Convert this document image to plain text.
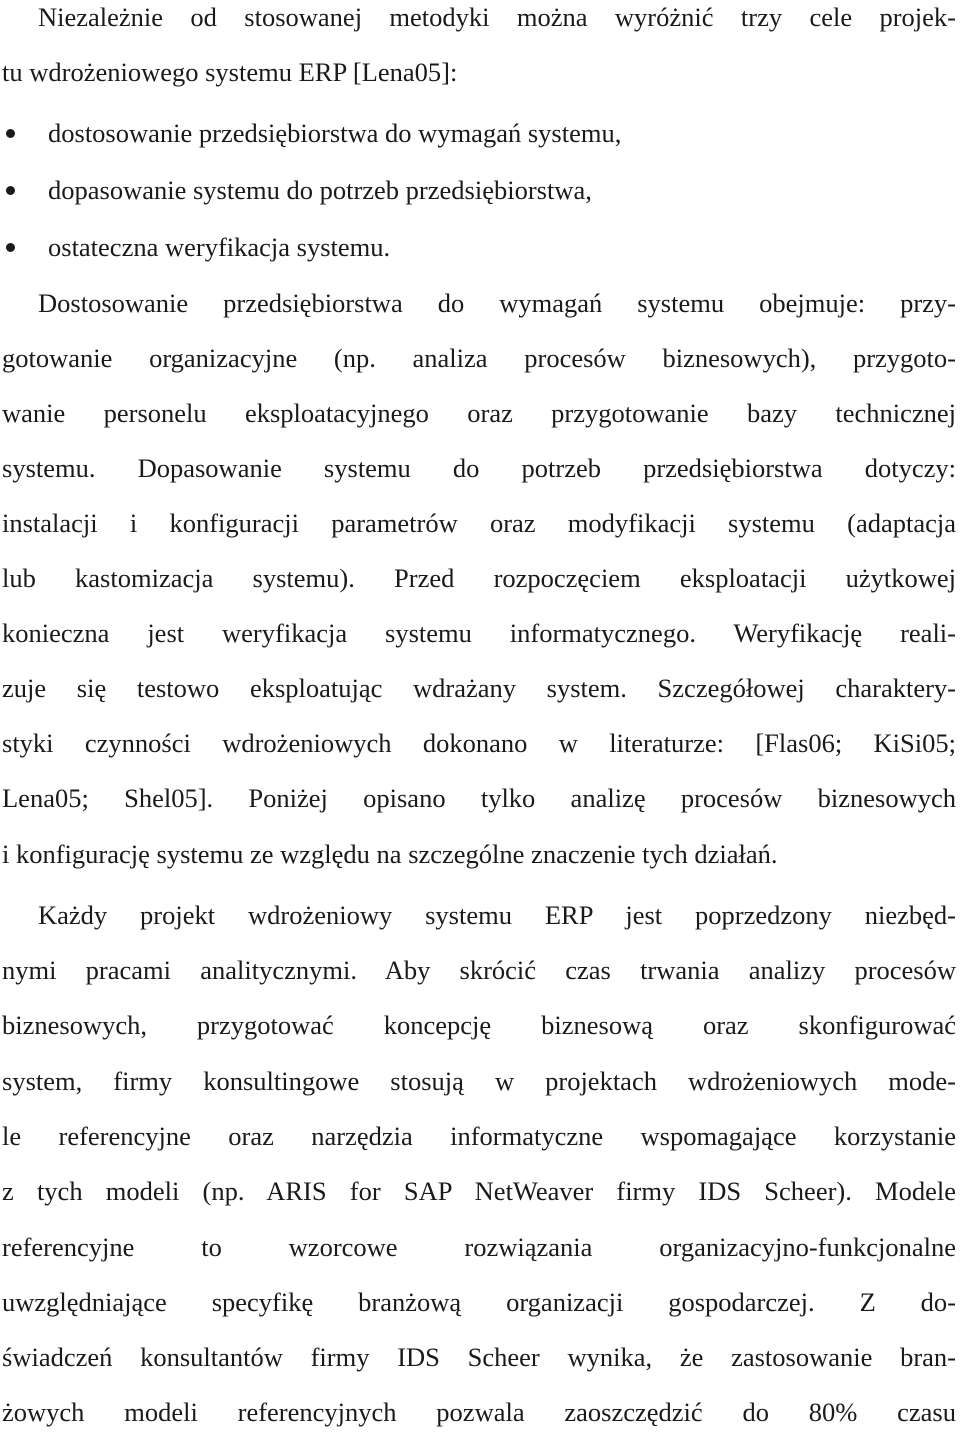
Niezależnie od stosowanej metodyki można wyróżnić trzy cele projek-
tu wdrożeniowego systemu ERP [Lena05]:
dostosowanie przedsiębiorstwa do wymagań systemu,
dopasowanie systemu do potrzeb przedsiębiorstwa,
ostateczna weryfikacja systemu.
Dostosowanie przedsiębiorstwa do wymagań systemu obejmuje: przy-
gotowanie organizacyjne (np. analiza procesów biznesowych), przygoto-
wanie personelu eksploatacyjnego oraz przygotowanie bazy technicznej
systemu. Dopasowanie systemu do potrzeb przedsiębiorstwa dotyczy:
instalacji i konfiguracji parametrów oraz modyfikacji systemu (adaptacja
lub kastomizacja systemu). Przed rozpoczęciem eksploatacji użytkowej
konieczna jest weryfikacja systemu informatycznego. Weryfikację reali-
zuje się testowo eksploatując wdrażany system. Szczegółowej charaktery-
styki czynności wdrożeniowych dokonano w literaturze: [Flas06; KiSi05;
Lena05; Shel05]. Poniżej opisano tylko analizę procesów biznesowych
i konfigurację systemu ze względu na szczególne znaczenie tych działań.
Każdy projekt wdrożeniowy systemu ERP jest poprzedzony niezbęd-
nymi pracami analitycznymi. Aby skrócić czas trwania analizy procesów
biznesowych, przygotować koncepcję biznesową oraz skonfigurować
system, firmy konsultingowe stosują w projektach wdrożeniowych mode-
le referencyjne oraz narzędzia informatyczne wspomagające korzystanie
z tych modeli (np. ARIS for SAP NetWeaver firmy IDS Scheer). Modele
referencyjne to wzorcowe rozwiązania organizacyjno-funkcjonalne
uwzględniające specyfikę branżową organizacji gospodarczej. Z do-
świadczeń konsultantów firmy IDS Scheer wynika, że zastosowanie bran-
żowych modeli referencyjnych pozwala zaoszczędzić do 80% czasu
